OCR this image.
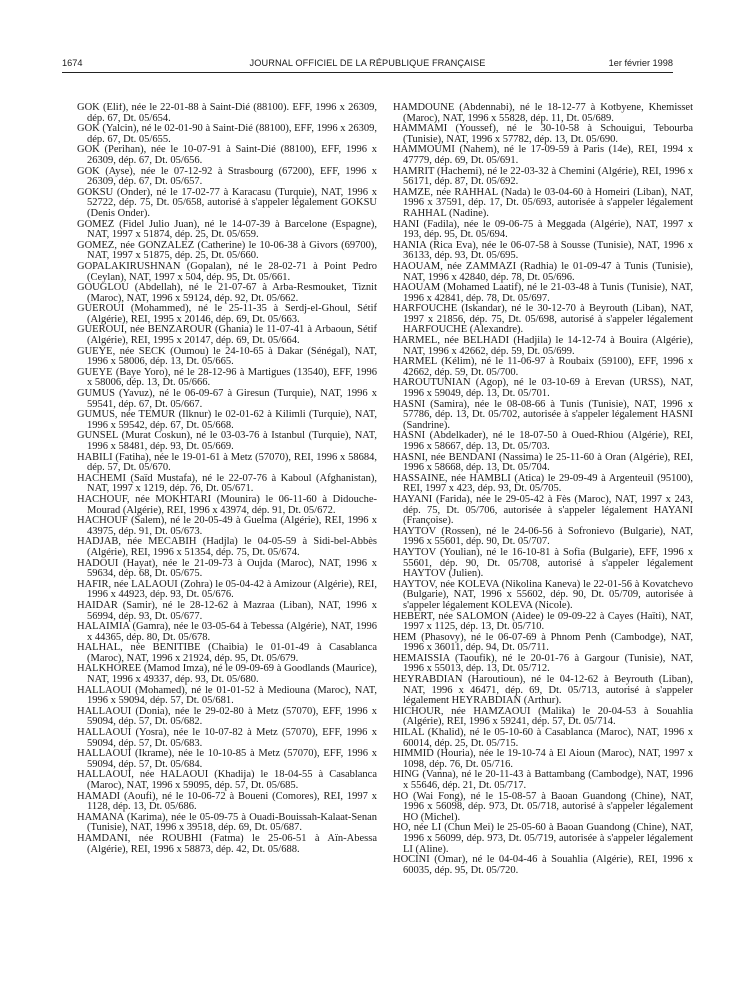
1674	JOURNAL OFFICIEL DE LA RÉPUBLIQUE FRANÇAISE	1er février 1998

GOK (Elif), née le 22-01-88 à Saint-Dié (88100). EFF, 1996 x 26309, dép. 67, Dt. 05/654.

GOK (Yalcin), né le 02-01-90 à Saint-Dié (88100), EFF, 1996 x 26309, dép. 67, Dt. 05/655.

GOK (Perihan), née le 10-07-91 à Saint-Dié (88100), EFF, 1996 x 26309, dép. 67, Dt. 05/656.

GOK (Ayse), née le 07-12-92 à Strasbourg (67200), EFF, 1996 x 26309, dép. 67, Dt. 05/657.

GOKSU (Onder), né le 17-02-77 à Karacasu (Turquie), NAT, 1996 x 52722, dép. 75, Dt. 05/658, autorisé à s'appeler légalement GOKSU (Denis Onder).

GOMEZ (Fidel Julio Juan), né le 14-07-39 à Barcelone (Espagne), NAT, 1997 x 51874, dép. 25, Dt. 05/659.

GOMEZ, née GONZALEZ (Catherine) le 10-06-38 à Givors (69700), NAT, 1997 x 51875, dép. 25, Dt. 05/660.

GOPALAKIRUSHNAN (Gopalan), né le 28-02-71 à Point Pedro (Ceylan), NAT, 1997 x 504, dép. 95, Dt. 05/661.

GOUGLOU (Abdellah), né le 21-07-67 à Arba-Resmouket, Tiznit (Maroc), NAT, 1996 x 59124, dép. 92, Dt. 05/662.

GUEROUI (Mohammed), né le 25-11-35 à Serdj-el-Ghoul, Sétif (Algérie), REI, 1995 x 20146, dép. 69, Dt. 05/663.

GUEROUI, née BENZAROUR (Ghania) le 11-07-41 à Arbaoun, Sétif (Algérie), REI, 1995 x 20147, dép. 69, Dt. 05/664.

GUEYE, née SECK (Oumou) le 24-10-65 à Dakar (Sénégal), NAT, 1996 x 58006, dép. 13, Dt. 05/665.

GUEYE (Baye Yoro), né le 28-12-96 à Martigues (13540), EFF, 1996 x 58006, dép. 13, Dt. 05/666.

GUMUS (Yavuz), né le 06-09-67 à Giresun (Turquie), NAT, 1996 x 59541, dép. 67, Dt. 05/667.

GUMUS, née TEMUR (Ilknur) le 02-01-62 à Kilimli (Turquie), NAT, 1996 x 59542, dép. 67, Dt. 05/668.

GUNSEL (Murat Coskun), né le 03-03-76 à Istanbul (Turquie), NAT, 1996 x 58481, dép. 93, Dt. 05/669.

HABILI (Fatiha), née le 19-01-61 à Metz (57070), REI, 1996 x 58684, dép. 57, Dt. 05/670.

HACHEMI (Saïd Mustafa), né le 22-07-76 à Kaboul (Afghanistan), NAT, 1997 x 1219, dép. 76, Dt. 05/671.

HACHOUF, née MOKHTARI (Mounira) le 06-11-60 à Didouche-Mourad (Algérie), REI, 1996 x 43974, dép. 91, Dt. 05/672.

HACHOUF (Salem), né le 20-05-49 à Guelma (Algérie), REI, 1996 x 43975, dép. 91, Dt. 05/673.

HADJAB, née MECABIH (Hadjla) le 04-05-59 à Sidi-bel-Abbès (Algérie), REI, 1996 x 51354, dép. 75, Dt. 05/674.

HADOUI (Hayat), née le 21-09-73 à Oujda (Maroc), NAT, 1996 x 59634, dép. 68, Dt. 05/675.

HAFIR, née LALAOUI (Zohra) le 05-04-42 à Amizour (Algérie), REI, 1996 x 44923, dép. 93, Dt. 05/676.

HAIDAR (Samir), né le 28-12-62 à Mazraa (Liban), NAT, 1996 x 56994, dép. 93, Dt. 05/677.

HALAIMIA (Gamra), née le 03-05-64 à Tebessa (Algérie), NAT, 1996 x 44365, dép. 80, Dt. 05/678.

HALHAL, née BENITIBE (Chaibia) le 01-01-49 à Casablanca (Maroc), NAT, 1996 x 21924, dép. 95, Dt. 05/679.

HALKHOREE (Mamod Imza), né le 09-09-69 à Goodlands (Maurice), NAT, 1996 x 49337, dép. 93, Dt. 05/680.

HALLAOUI (Mohamed), né le 01-01-52 à Mediouna (Maroc), NAT, 1996 x 59094, dép. 57, Dt. 05/681.

HALLAOUI (Donia), née le 29-02-80 à Metz (57070), EFF, 1996 x 59094, dép. 57, Dt. 05/682.

HALLAOUI (Yosra), née le 10-07-82 à Metz (57070), EFF, 1996 x 59094, dép. 57, Dt. 05/683.

HALLAOUI (Ikrame), née le 10-10-85 à Metz (57070), EFF, 1996 x 59094, dép. 57, Dt. 05/684.

HALLAOUI, née HALAOUI (Khadija) le 18-04-55 à Casablanca (Maroc), NAT, 1996 x 59095, dép. 57, Dt. 05/685.

HAMADI (Aoufi), né le 10-06-72 à Boueni (Comores), REI, 1997 x 1128, dép. 13, Dt. 05/686.

HAMANA (Karima), née le 05-09-75 à Ouadi-Bouissah-Kalaat-Senan (Tunisie), NAT, 1996 x 39518, dép. 69, Dt. 05/687.

HAMDANI, née ROUBHI (Fatma) le 25-06-51 à Aïn-Abessa (Algérie), REI, 1996 x 58873, dép. 42, Dt. 05/688.

HAMDOUNE (Abdennabi), né le 18-12-77 à Kotbyene, Khemisset (Maroc), NAT, 1996 x 55828, dép. 11, Dt. 05/689.

HAMMAMI (Youssef), né le 30-10-58 à Schouigui, Tebourba (Tunisie), NAT, 1996 x 57782, dép. 13, Dt. 05/690.

HAMMOUMI (Nahem), né le 17-09-59 à Paris (14e), REI, 1994 x 47779, dép. 69, Dt. 05/691.

HAMRIT (Hachemi), né le 22-03-32 à Chemini (Algérie), REI, 1996 x 56171, dép. 87, Dt. 05/692.

HAMZE, née RAHHAL (Nada) le 03-04-60 à Homeiri (Liban), NAT, 1996 x 37591, dép. 17, Dt. 05/693, autorisée à s'appeler légalement RAHHAL (Nadine).

HANI (Fadila), née le 09-06-75 à Meggada (Algérie), NAT, 1997 x 193, dép. 95, Dt. 05/694.

HANIA (Rica Eva), née le 06-07-58 à Sousse (Tunisie), NAT, 1996 x 36133, dép. 93, Dt. 05/695.

HAOUAM, née ZAMMAZI (Radhia) le 01-09-47 à Tunis (Tunisie), NAT, 1996 x 42840, dép. 78, Dt. 05/696.

HAOUAM (Mohamed Laatif), né le 21-03-48 à Tunis (Tunisie), NAT, 1996 x 42841, dép. 78, Dt. 05/697.

HARFOUCHE (Iskandar), né le 30-12-70 à Beyrouth (Liban), NAT, 1997 x 21856, dép. 75, Dt. 05/698, autorisé à s'appeler légalement HARFOUCHE (Alexandre).

HARMEL, née BELHADI (Hadjila) le 14-12-74 à Bouira (Algérie), NAT, 1996 x 42662, dép. 59, Dt. 05/699.

HARMEL (Kélim), né le 11-06-97 à Roubaix (59100), EFF, 1996 x 42662, dép. 59, Dt. 05/700.

HAROUTUNIAN (Agop), né le 03-10-69 à Erevan (URSS), NAT, 1996 x 59049, dép. 13, Dt. 05/701.

HASNI (Samira), née le 08-08-66 à Tunis (Tunisie), NAT, 1996 x 57786, dép. 13, Dt. 05/702, autorisée à s'appeler légalement HASNI (Sandrine).

HASNI (Abdelkader), né le 18-07-50 à Oued-Rhiou (Algérie), REI, 1996 x 58667, dép. 13, Dt. 05/703.

HASNI, née BENDANI (Nassima) le 25-11-60 à Oran (Algérie), REI, 1996 x 58668, dép. 13, Dt. 05/704.

HASSAINE, née HAMBLI (Atica) le 29-09-49 à Argenteuil (95100), REI, 1997 x 423, dép. 93, Dt. 05/705.

HAYANI (Farida), née le 29-05-42 à Fès (Maroc), NAT, 1997 x 243, dép. 75, Dt. 05/706, autorisée à s'appeler légalement HAYANI (Françoise).

HAYTOV (Rossen), né le 24-06-56 à Sofronievo (Bulgarie), NAT, 1996 x 55601, dép. 90, Dt. 05/707.

HAYTOV (Youlian), né le 16-10-81 à Sofia (Bulgarie), EFF, 1996 x 55601, dép. 90, Dt. 05/708, autorisé à s'appeler légalement HAYTOV (Julien).

HAYTOV, née KOLEVA (Nikolina Kaneva) le 22-01-56 à Kovatchevo (Bulgarie), NAT, 1996 x 55602, dép. 90, Dt. 05/709, autorisée à s'appeler légalement KOLEVA (Nicole).

HEBERT, née SALOMON (Aidee) le 09-09-22 à Cayes (Haïti), NAT, 1997 x 1125, dép. 13, Dt. 05/710.

HEM (Phasovy), né le 06-07-69 à Phnom Penh (Cambodge), NAT, 1996 x 36011, dép. 94, Dt. 05/711.

HEMAISSIA (Taoufik), né le 20-01-76 à Gargour (Tunisie), NAT, 1996 x 55013, dép. 13, Dt. 05/712.

HEYRABDIAN (Haroutioun), né le 04-12-62 à Beyrouth (Liban), NAT, 1996 x 46471, dép. 69, Dt. 05/713, autorisé à s'appeler légalement HEYRABDIAN (Arthur).

HICHOUR, née HAMZAOUI (Malika) le 20-04-53 à Souahlia (Algérie), REI, 1996 x 59241, dép. 57, Dt. 05/714.

HILAL (Khalid), né le 05-10-60 à Casablanca (Maroc), NAT, 1996 x 60014, dép. 25, Dt. 05/715.

HIMMID (Houria), née le 19-10-74 à El Aioun (Maroc), NAT, 1997 x 1098, dép. 76, Dt. 05/716.

HING (Vanna), né le 20-11-43 à Battambang (Cambodge), NAT, 1996 x 55646, dép. 21, Dt. 05/717.

HO (Wai Fong), né le 15-08-57 à Baoan Guandong (Chine), NAT, 1996 x 56098, dép. 973, Dt. 05/718, autorisé à s'appeler légalement HO (Michel).

HO, née LI (Chun Mei) le 25-05-60 à Baoan Guandong (Chine), NAT, 1996 x 56099, dép. 973, Dt. 05/719, autorisée à s'appeler légalement LI (Aline).

HOCINI (Omar), né le 04-04-46 à Souahlia (Algérie), REI, 1996 x 60035, dép. 95, Dt. 05/720.
